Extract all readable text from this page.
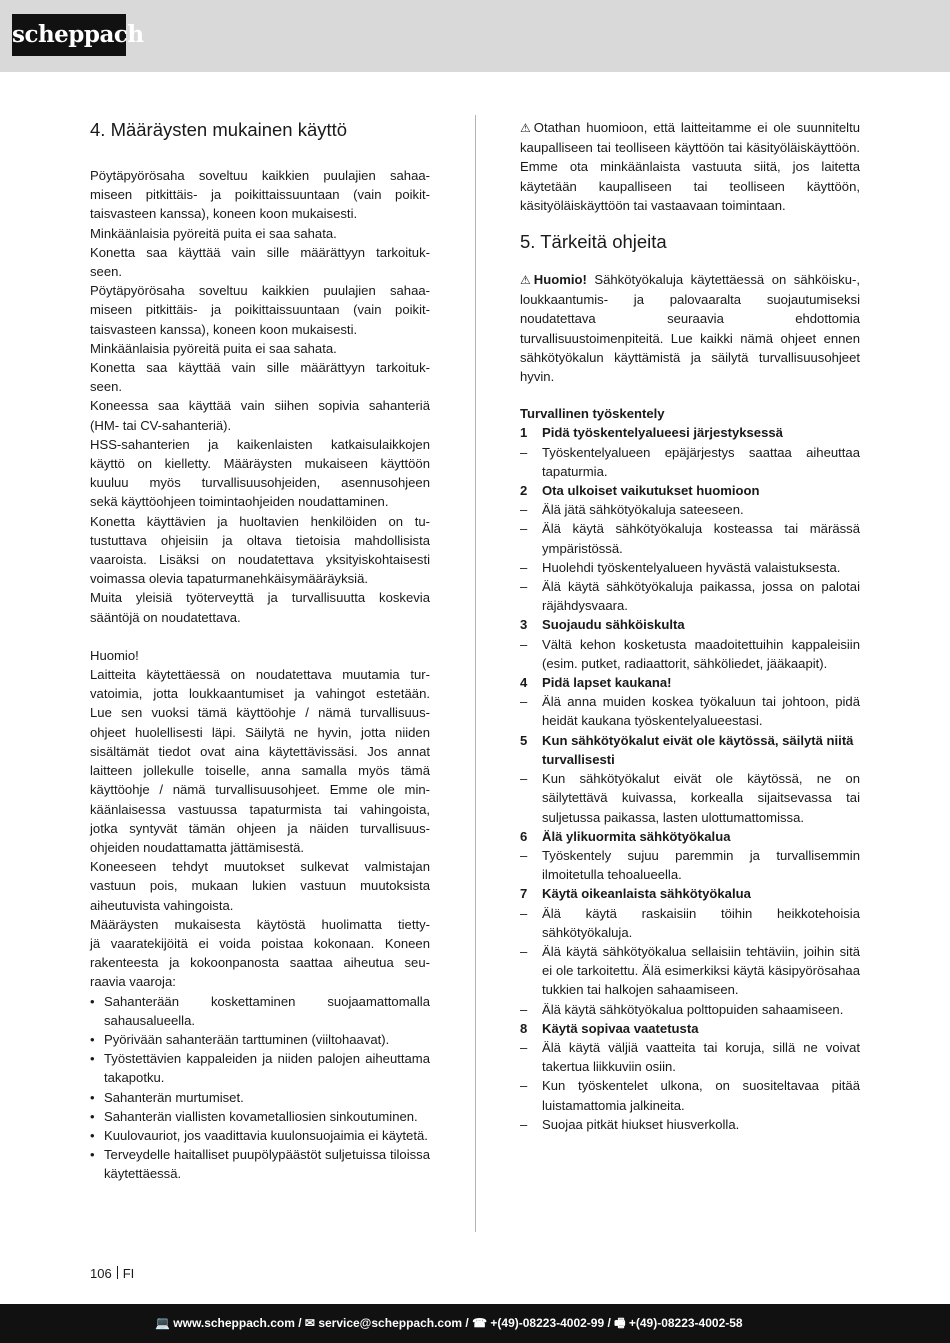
scheppach
4. Määräysten mukainen käyttö
Pöytäpyörösaha soveltuu kaikkien puulajien sahaa-
miseen pitkittäis- ja poikittaissuuntaan (vain poikit-
taisvasteen kanssa), koneen koon mukaisesti.
Minkäänlaisia pyöreitä puita ei saa sahata.
Konetta saa käyttää vain sille määrättyyn tarkoituk-
seen.
Pöytäpyörösaha soveltuu kaikkien puulajien sahaa-
miseen pitkittäis- ja poikittaissuuntaan (vain poikit-
taisvasteen kanssa), koneen koon mukaisesti.
Minkäänlaisia pyöreitä puita ei saa sahata.
Konetta saa käyttää vain sille määrättyyn tarkoituk-
seen.
Koneessa saa käyttää vain siihen sopivia sahanteriä
(HM- tai CV-sahanteriä).
HSS-sahanterien ja kaikenlaisten katkaisulaikkojen
käyttö on kielletty. Määräysten mukaiseen käyttöön
kuuluu myös turvallisuusohjeiden, asennusohjeen
sekä käyttöohjeen toimintaohjeiden noudattaminen.
Konetta käyttävien ja huoltavien henkilöiden on tu-
tustuttava ohjeisiin ja oltava tietoisia mahdollisista
vaaroista. Lisäksi on noudatettava yksityiskohtaisesti
voimassa olevia tapaturmanehkäisymääräyksiä.
Muita yleisiä työterveyttä ja turvallisuutta koskevia
sääntöjä on noudatettava.

Huomio!

Laitteita käytettäessä on noudatettava muutamia tur-
vatoimia, jotta loukkaantumiset ja vahingot estetään.
Lue sen vuoksi tämä käyttöohje / nämä turvallisuus-
ohjeet huolellisesti läpi. Säilytä ne hyvin, jotta niiden
sisältämät tiedot ovat aina käytettävissäsi. Jos annat
laitteen jollekulle toiselle, anna samalla myös tämä
käyttöohje / nämä turvallisuusohjeet. Emme ole min-
käänlaisessa vastuussa tapaturmista tai vahingoista,
jotka syntyvät tämän ohjeen ja näiden turvallisuus-
ohjeiden noudattamatta jättämisestä.
Koneeseen tehdyt muutokset sulkevat valmistajan
vastuun pois, mukaan lukien vastuun muutoksista
aiheutuvista vahingoista.
Määräysten mukaisesta käytöstä huolimatta tietty-
jä vaaratekijöitä ei voida poistaa kokonaan. Koneen
rakenteesta ja kokoonpanosta saattaa aiheutua seu-
raavia vaaroja:
• Sahanterään koskettaminen suojaamattomalla sahausalueella.
• Pyörivään sahanterään tarttuminen (viiltohaavat).
• Työstettävien kappaleiden ja niiden palojen aiheuttama takapotku.
• Sahanterän murtumiset.
• Sahanterän viallisten kovametalliosien sinkoutuminen.
• Kuulovauriot, jos vaadittavia kuulonsuojaimia ei käytetä.
• Terveydelle haitalliset puupölypäästöt suljetuissa tiloissa käytettäessä.

⚠ Otathan huomioon, että laitteitamme ei ole suunniteltu kaupalliseen tai teolliseen käyttöön tai käsityöläiskäyttöön. Emme ota minkäänlaista vastuuta siitä, jos laitetta käytetään kaupalliseen tai teolliseen käyttöön, käsityöläiskäyttöön tai vastaavaan toimintaan.

5. Tärkeitä ohjeita

⚠ Huomio! Sähkötyökaluja käytettäessä on sähköisku-, loukkaantumis- ja palovaaralta suojautumiseksi noudatettava seuraavia ehdottomia turvallisuustoimenpiteitä. Lue kaikki nämä ohjeet ennen sähkötyökalun käyttämistä ja säilytä turvallisuusohjeet hyvin.

Turvallinen työskentely
1	Pidä työskentelyalueesi järjestyksessä
– Työskentelyalueen epäjärjestys saattaa aiheuttaa tapaturmia.
2	Ota ulkoiset vaikutukset huomioon
– Älä jätä sähkötyökaluja sateeseen.
– Älä käytä sähkötyökaluja kosteassa tai märässä ympäristössä.
– Huolehdi työskentelyalueen hyvästä valaistuksesta.
– Älä käytä sähkötyökaluja paikassa, jossa on palotai räjähdysvaara.
3	Suojaudu sähköiskulta
– Vältä kehon kosketusta maadoitettuihin kappaleisiin (esim. putket, radiaattorit, sähköliedet, jääkaapit).
4	Pidä lapset kaukana!
– Älä anna muiden koskea työkaluun tai johtoon, pidä heidät kaukana työskentelyalueestasi.
5	Kun sähkötyökalut eivät ole käytössä, säilytä niitä turvallisesti
– Kun sähkötyökalut eivät ole käytössä, ne on säilytettävä kuivassa, korkealla sijaitsevassa tai suljetussa paikassa, lasten ulottumattomissa.
6	Älä ylikuormita sähkötyökalua
– Työskentely sujuu paremmin ja turvallisemmin ilmoitetulla tehoalueella.
7	Käytä oikeanlaista sähkötyökalua
– Älä käytä raskaisiin töihin heikkotehoisia sähkötyökaluja.
– Älä käytä sähkötyökalua sellaisiin tehtäviin, joihin sitä ei ole tarkoitettu. Älä esimerkiksi käytä käsipyörösahaa tukkien tai halkojen sahaamiseen.
– Älä käytä sähkötyökalua polttopuiden sahaamiseen.
8	Käytä sopivaa vaatetusta
– Älä käytä väljiä vaatteita tai koruja, sillä ne voivat takertua liikkuviin osiin.
– Kun työskentelet ulkona, on suositeltavaa pitää luistamattomia jalkineita.
– Suojaa pitkät hiukset hiusverkolla.
106 FI
💻 www.scheppach.com / ✉ service@scheppach.com / ☎ +(49)-08223-4002-99 / 🖷 +(49)-08223-4002-58
